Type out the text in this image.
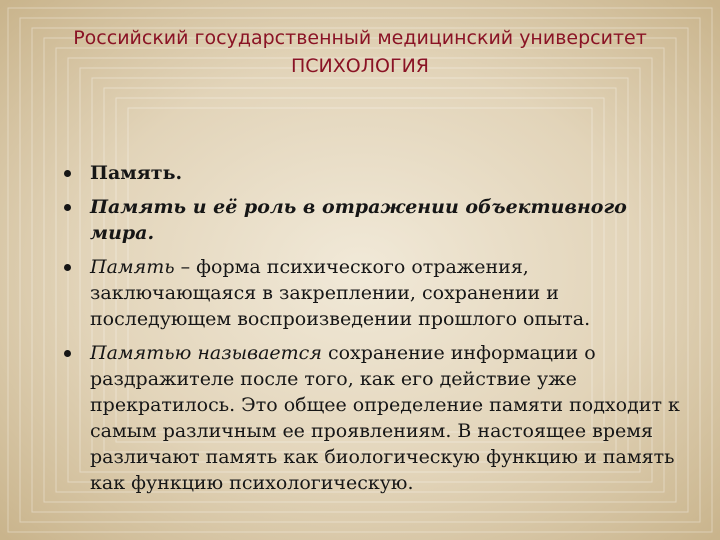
Российский государственный медицинский университет
ПСИХОЛОГИЯ
Память.
Память и её роль в отражении объективного мира.
Память – форма психического отражения, заключающаяся в закреплении, сохранении и последующем воспроизведении прошлого опыта.
Памятью называется сохранение информации о раздражителе после того, как его действие уже прекратилось. Это общее определение памяти подходит к самым различным ее проявлениям. В настоящее время различают память как биологическую функцию и память как функцию психологическую.
